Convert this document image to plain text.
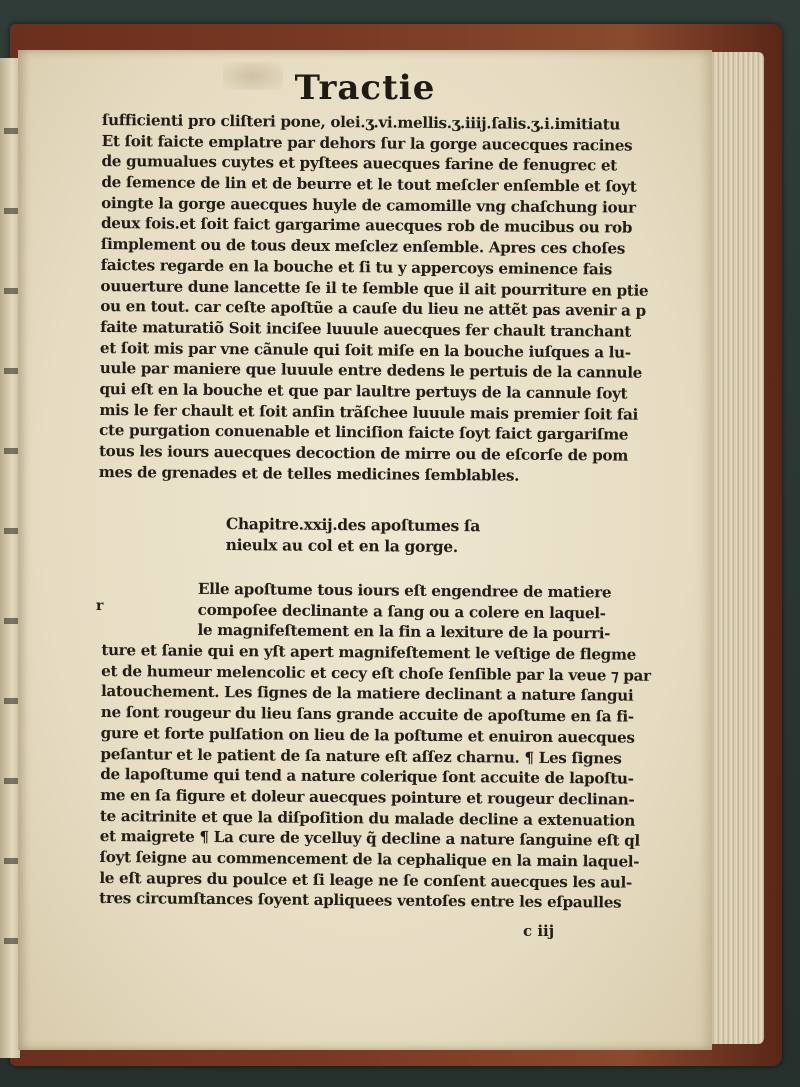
Tractie
ſufficienti pro cliſteri pone, olei.ʒ.vi.mellis.ʒ.iiij.ſalis.ʒ.i.imitiatu
Et ſoit faicte emplatre par dehors ſur la gorge aucecques racines
de gumualues cuytes et pyſtees auecques farine de fenugrec et
de ſemence de lin et de beurre et le tout meſcler enſemble et ſoyt
oingte la gorge auecques huyle de camomille vng chaſchung iour
deux fois.et ſoit faict gargarime auecques rob de mucibus ou rob
ſimplement ou de tous deux meſclez enſemble. Apres ces choſes
faictes regarde en la bouche et ſi tu y appercoys eminence fais
ouuerture dune lancette ſe il te ſemble que il ait pourriture en ptie
ou en tout. car ceſte apoſtũe a cauſe du lieu ne attẽt pas avenir a p
faite maturatiõ Soit inciſee luuule auecques fer chault tranchant
et ſoit mis par vne cãnule qui ſoit miſe en la bouche iuſques a lu-
uule par maniere que luuule entre dedens le pertuis de la cannule
qui eſt en la bouche et que par laultre pertuys de la cannule ſoyt
mis le fer chault et ſoit anſin trãſchee luuule mais premier ſoit fai
cte purgation conuenable et linciſion faicte ſoyt faict gargariſme
tous les iours auecques decoction de mirre ou de eſcorſe de pom
mes de grenades et de telles medicines ſemblables.
Chapitre.xxij.des apoſtumes ſa
nieulx au col et en la gorge.
r
Elle apoſtume tous iours eſt engendree de matiere
compoſee declinante a ſang ou a colere en laquel-
le magnifeſtement en la fin a lexiture de la pourri-
ture et ſanie qui en yſt apert magnifeſtement le veſtige de flegme
et de humeur melencolic et cecy eſt choſe ſenſible par la veue ⁊ par
latouchement. Les ſignes de la matiere declinant a nature ſangui
ne ſont rougeur du lieu ſans grande accuite de apoſtume en ſa fi-
gure et forte pulſation on lieu de la poſtume et enuiron auecques
peſantur et le patient de ſa nature eſt aſſez charnu. ¶ Les ſignes
de lapoſtume qui tend a nature colerique ſont accuite de lapoſtu-
me en ſa figure et doleur auecques pointure et rougeur declinan-
te acitrinite et que la diſpoſition du malade decline a extenuation
et maigrete ¶ La cure de ycelluy q̃ decline a nature ſanguine eſt ql
ſoyt ſeigne au commencement de la cephalique en la main laquel-
le eſt aupres du poulce et ſi leage ne ſe conſent auecques les aul-
tres circumſtances ſoyent apliquees ventoſes entre les eſpaulles
c iij
